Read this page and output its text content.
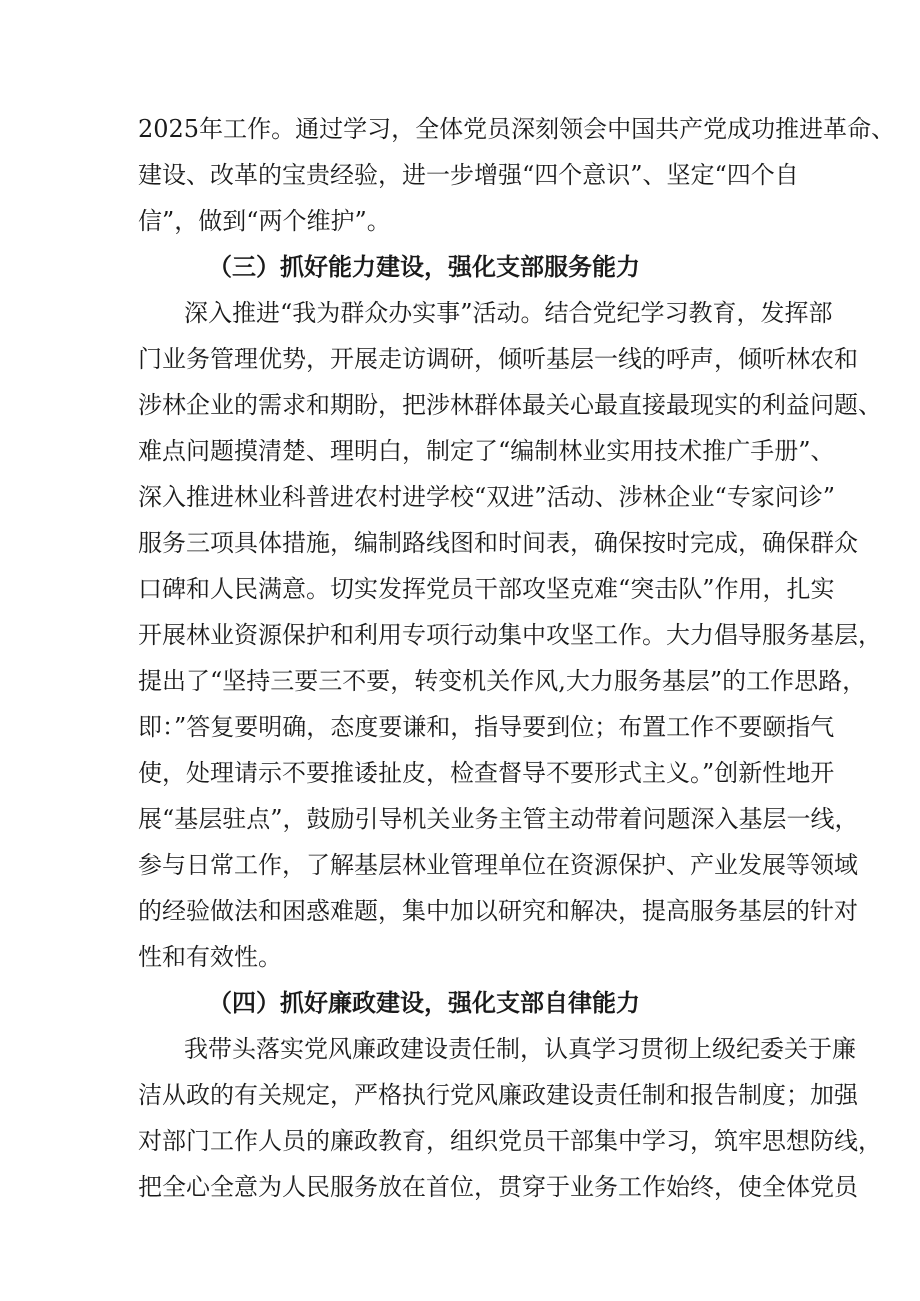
2025年工作。通过学习，全体党员深刻领会中国共产党成功推进革命、
建设、改革的宝贵经验，进一步增强“四个意识”、坚定“四个自
信”，做到“两个维护”。
（三）抓好能力建设，强化支部服务能力
深入推进“我为群众办实事”活动。结合党纪学习教育，发挥部
门业务管理优势，开展走访调研，倾听基层一线的呼声，倾听林农和
涉林企业的需求和期盼，把涉林群体最关心最直接最现实的利益问题、
难点问题摸清楚、理明白，制定了“编制林业实用技术推广手册”、
深入推进林业科普进农村进学校“双进”活动、涉林企业“专家问诊”
服务三项具体措施，编制路线图和时间表，确保按时完成，确保群众
口碑和人民满意。切实发挥党员干部攻坚克难“突击队”作用，扎实
开展林业资源保护和利用专项行动集中攻坚工作。大力倡导服务基层，
提出了“坚持三要三不要，转变机关作风,大力服务基层”的工作思路，
即：”答复要明确，态度要谦和，指导要到位；布置工作不要颐指气
使，处理请示不要推诿扯皮，检查督导不要形式主义。”创新性地开
展“基层驻点”，鼓励引导机关业务主管主动带着问题深入基层一线，
参与日常工作，了解基层林业管理单位在资源保护、产业发展等领域
的经验做法和困惑难题，集中加以研究和解决，提高服务基层的针对
性和有效性。
（四）抓好廉政建设，强化支部自律能力
我带头落实党风廉政建设责任制，认真学习贯彻上级纪委关于廉
洁从政的有关规定，严格执行党风廉政建设责任制和报告制度；加强
对部门工作人员的廉政教育，组织党员干部集中学习，筑牢思想防线，
把全心全意为人民服务放在首位，贯穿于业务工作始终，使全体党员
